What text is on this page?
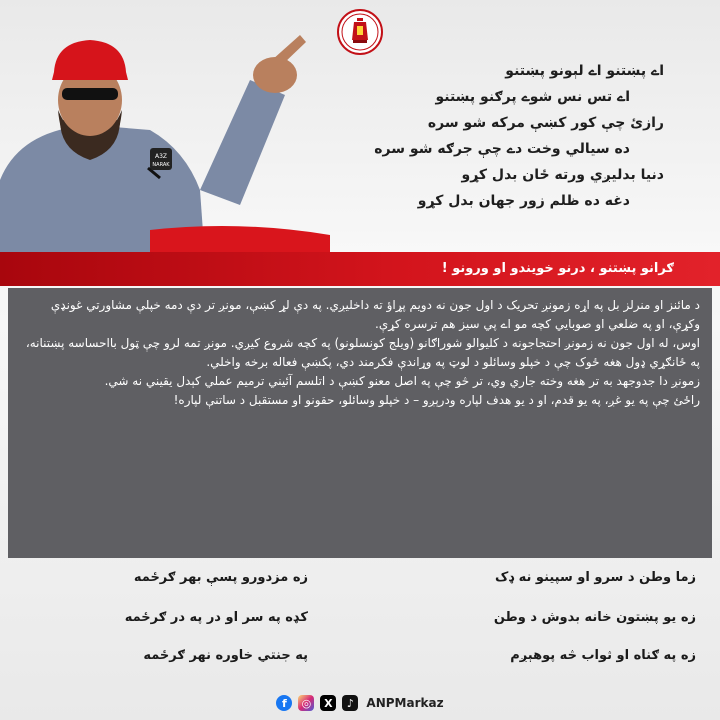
A3Z
NARAK
اے پښتنو اے لېونو پښتنو
اے تس نس شوے پرګنو پښتنو
رازئ چې کور کښې مرکه شو سره
ده سيالي وخت دے چې جرګه شو سره
دنيا بدليږي ورته ځان بدل کړو
دغه ده ظلم زور جهان بدل کړو
ګرانو پښتنو ، درنو خويندو او ورونو !

د مائنز او منرلز بل په اړه زمونږ تحريک د اول جون نه دويم پړاؤ ته داخليږي. په دې لړ کښې، مونږ تر دې دمه خپلې مشاورتي غونډې وکړې، او په ضلعي او صوبايي کچه مو اے پي سيز هم ترسره کړې.

اوس، له اول جون نه زمونږ احتجاجونه د کليوالو شوراګانو (ويلج کونسلونو) په کچه شروع کيږي. مونږ تمه لرو چې ټول بااحساسه پښتنانه، په ځانګړي ډول هغه ځوک چې د خپلو وسائلو د لوټ په وړاندې فکرمند دي، پکښې فعاله برخه واخلي.

زمونږ دا جدوجهد به تر هغه وخته جاري وي، تر څو چې په اصل معنو کښې د اتلسم آئيني ترميم عملي کېدل يقيني نه شي.

راځئ چې په يو غږ، په يو قدم، او د يو هدف لپاره ودرېږو – د خپلو وسائلو، حقونو او مستقبل د ساتنې لپاره!

زما وطن د سرو او سپينو نه ډک
زه مزدورو پسې بهر ګرځمه
زه يو پښتون خانه بدوش د وطن
کډه په سر او در په در ګرځمه
زه په ګناه او ثواب څه پوهېږم
په جنتي خاوره نهر ګرځمه
f	◎	X	♪	ANPMarkaz
